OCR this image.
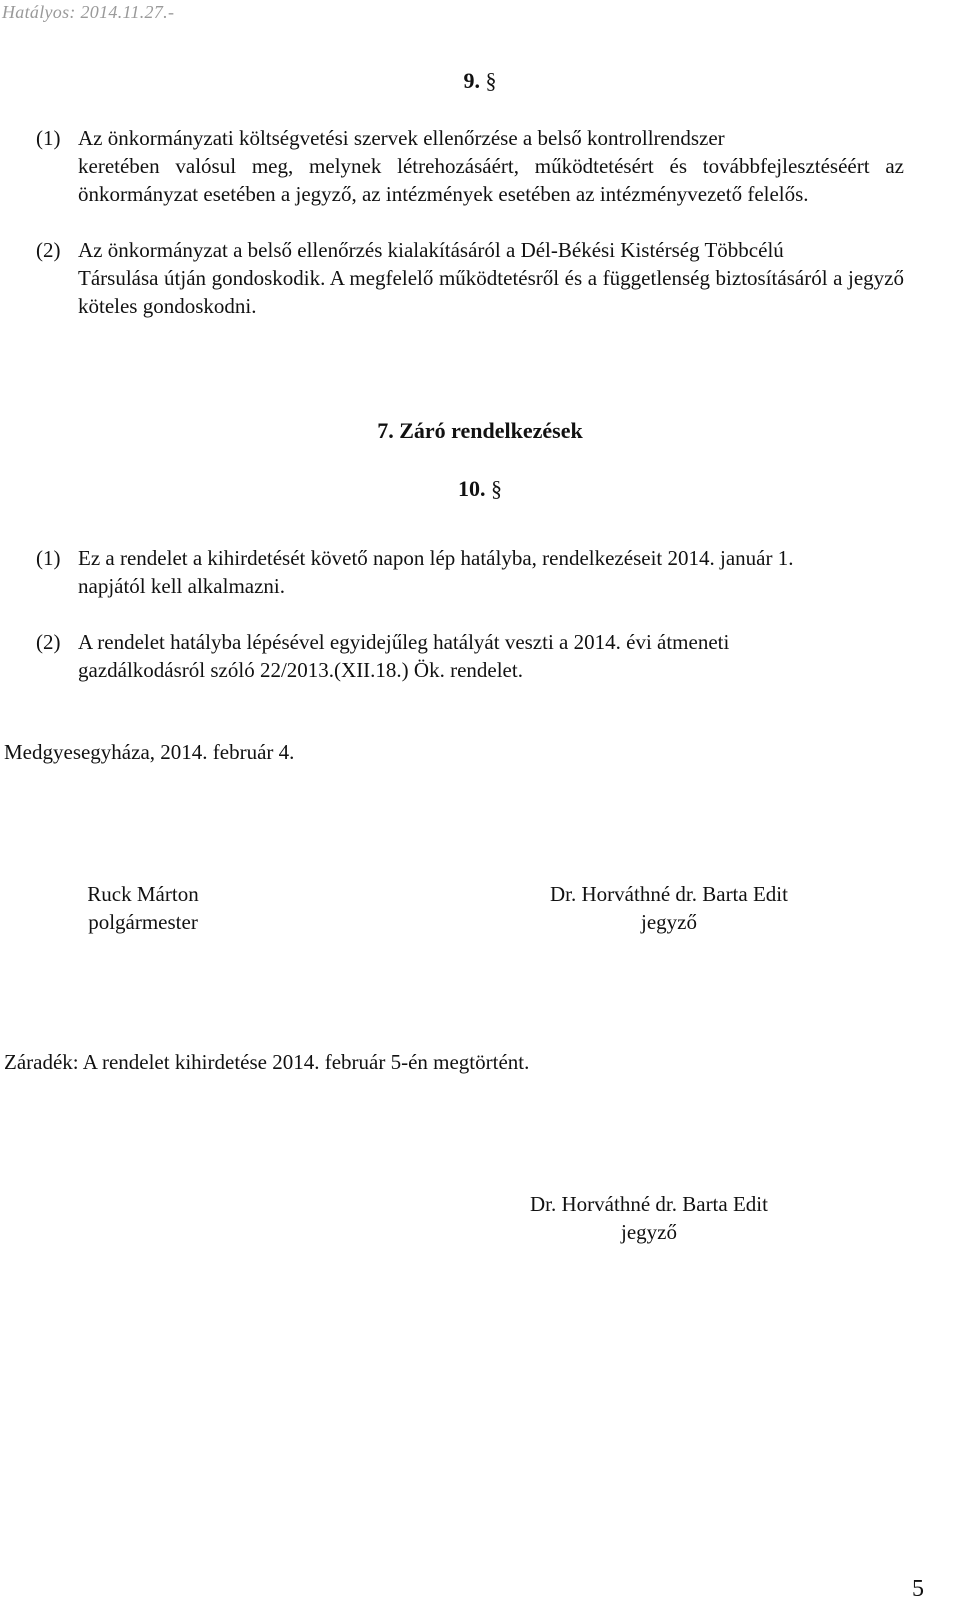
Hatályos: 2014.11.27.-
9. §
(1) Az önkormányzati költségvetési szervek ellenőrzése a belső kontrollrendszer
keretében valósul meg, melynek létrehozásáért, működtetésért és továbbfejlesztéséért az önkormányzat esetében a jegyző, az intézmények esetében az intézményvezető felelős.
(2) Az önkormányzat a belső ellenőrzés kialakításáról a Dél-Békési Kistérség Többcélú
Társulása útján gondoskodik. A megfelelő működtetésről és a függetlenség biztosításáról a jegyző köteles gondoskodni.
7. Záró rendelkezések
10. §
(1) Ez a rendelet a kihirdetését követő napon lép hatályba, rendelkezéseit 2014. január 1.
napjától kell alkalmazni.
(2) A rendelet hatályba lépésével egyidejűleg hatályát veszti a 2014. évi átmeneti
gazdálkodásról szóló 22/2013.(XII.18.) Ök. rendelet.
Medgyesegyháza, 2014. február 4.
Ruck Márton
polgármester
Dr. Horváthné dr. Barta Edit
jegyző
Záradék: A rendelet kihirdetése 2014. február 5-én megtörtént.
Dr. Horváthné dr. Barta Edit
jegyző
5
